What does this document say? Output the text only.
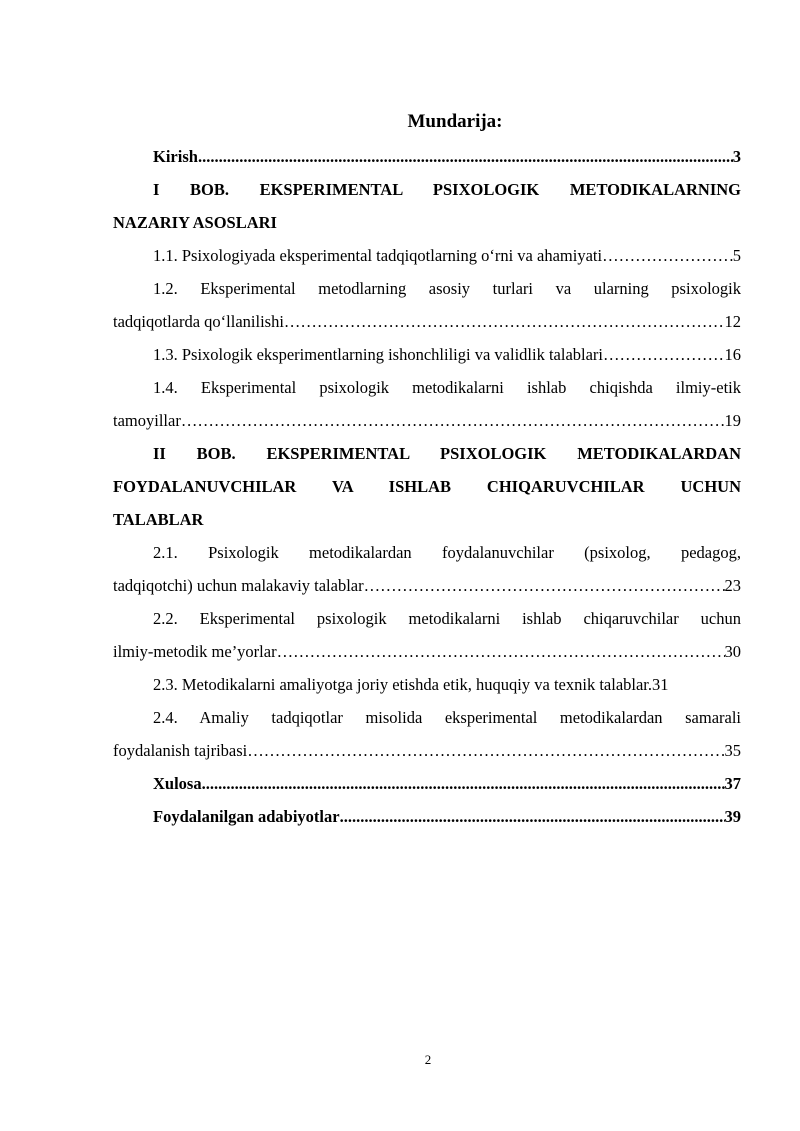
Mundarija:
Kirish .....	3
I BOB. EKSPERIMENTAL PSIXOLOGIK METODIKALARNING
NAZARIY ASOSLARI
1.1. Psixologiyada eksperimental tadqiqotlarning o‘rni va ahamiyati …………………………………………………………………………………………………………………………………………………………	5
1.2. Eksperimental metodlarning asosiy turlari va ularning psixologik
tadqiqotlarda qo‘llanilishi …………………………………………………………………………………………………………………………………………………………	12
1.3. Psixologik eksperimentlarning ishonchliligi va validlik talablari …………………………………………………………………………………………………………………………………………………………	16
1.4. Eksperimental psixologik metodikalarni ishlab chiqishda ilmiy-etik
tamoyillar …………………………………………………………………………………………………………………………………………………………	19
II BOB. EKSPERIMENTAL PSIXOLOGIK METODIKALARDAN
FOYDALANUVCHILAR VA ISHLAB CHIQARUVCHILAR UCHUN
TALABLAR
2.1. Psixologik metodikalardan foydalanuvchilar (psixolog, pedagog,
tadqiqotchi) uchun malakaviy talablar …………………………………………………………………………………………………………………………………………………………	23
2.2. Eksperimental psixologik metodikalarni ishlab chiqaruvchilar uchun
ilmiy-metodik me’yorlar …………………………………………………………………………………………………………………………………………………………	30
2.3. Metodikalarni amaliyotga joriy etishda etik, huquqiy va texnik talablar. 31
2.4. Amaliy tadqiqotlar misolida eksperimental metodikalardan samarali
foydalanish tajribasi …………………………………………………………………………………………………………………………………………………………	35
Xulosa .....	37
Foydalanilgan adabiyotlar .....	39
2
